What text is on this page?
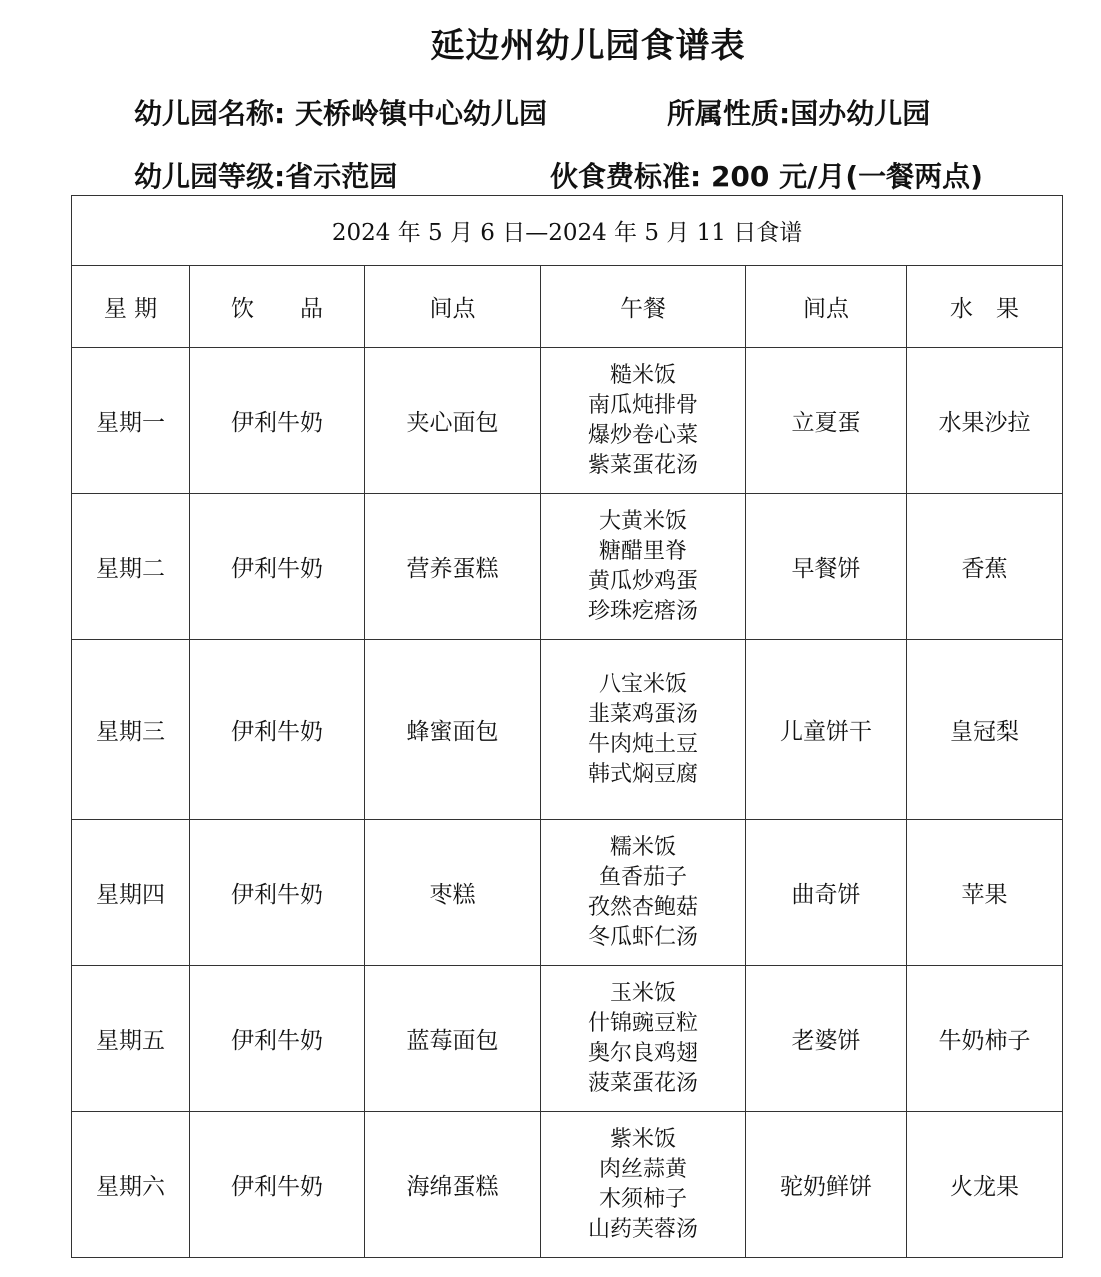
延边州幼儿园食谱表
幼儿园名称: 天桥岭镇中心幼儿园	所属性质:国办幼儿园
幼儿园等级:省示范园	伙食费标准: 200 元/月(一餐两点)
2024 年 5 月 6 日—2024 年 5 月 11 日食谱					
星 期	饮　　品	间点	午餐	间点	水　果
星期一	伊利牛奶	夹心面包	糙米饭
南瓜炖排骨
爆炒卷心菜
紫菜蛋花汤	立夏蛋	水果沙拉
星期二	伊利牛奶	营养蛋糕	大黄米饭
糖醋里脊
黄瓜炒鸡蛋
珍珠疙瘩汤	早餐饼	香蕉
星期三	伊利牛奶	蜂蜜面包	八宝米饭
韭菜鸡蛋汤
牛肉炖土豆
韩式焖豆腐	儿童饼干	皇冠梨
星期四	伊利牛奶	枣糕	糯米饭
鱼香茄子
孜然杏鲍菇
冬瓜虾仁汤	曲奇饼	苹果
星期五	伊利牛奶	蓝莓面包	玉米饭
什锦豌豆粒
奥尔良鸡翅
菠菜蛋花汤	老婆饼	牛奶柿子
星期六	伊利牛奶	海绵蛋糕	紫米饭
肉丝蒜黄
木须柿子
山药芙蓉汤	驼奶鲜饼	火龙果
